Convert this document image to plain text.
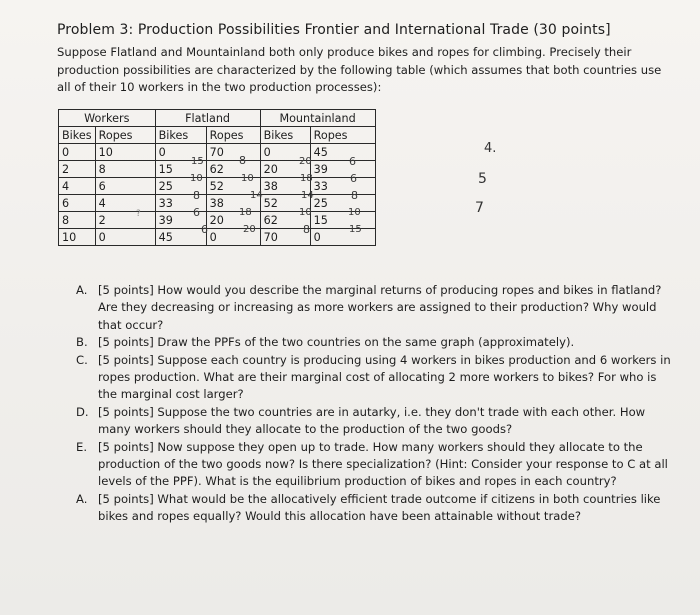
Problem 3: Production Possibilities Frontier and International Trade (30 points]
Suppose Flatland and Mountainland both only produce bikes and ropes for climbing. Precisely their production possibilities are characterized by the following table (which assumes that both countries use all of their 10 workers in the two production processes):
Workers		Flatland		Mountainland	
Bikes	Ropes	Bikes	Ropes	Bikes	Ropes
0	10	0	70	0	45
2	8	15	62	20	39
4	6	25	52	38	33
6	4	33	38	52	25
8	2	39	20	62	15
10	0	45	0	70	0
?
15
10
8
6
6
8
10
14
18
20
20
18
14
10
8
6
6
8
10
15
4.
5
7
A. [5 points] How would you describe the marginal returns of producing ropes and bikes in flatland? Are they decreasing or increasing as more workers are assigned to their production? Why would that occur?
B. [5 points] Draw the PPFs of the two countries on the same graph (approximately).
C. [5 points] Suppose each country is producing using 4 workers in bikes production and 6 workers in ropes production. What are their marginal cost of allocating 2 more workers to bikes? For who is the marginal cost larger?
D. [5 points] Suppose the two countries are in autarky, i.e. they don't trade with each other. How many workers should they allocate to the production of the two goods?
E. [5 points] Now suppose they open up to trade. How many workers should they allocate to the production of the two goods now? Is there specialization? (Hint: Consider your response to C at all levels of the PPF). What is the equilibrium production of bikes and ropes in each country?
A. [5 points] What would be the allocatively efficient trade outcome if citizens in both countries like bikes and ropes equally? Would this allocation have been attainable without trade?
